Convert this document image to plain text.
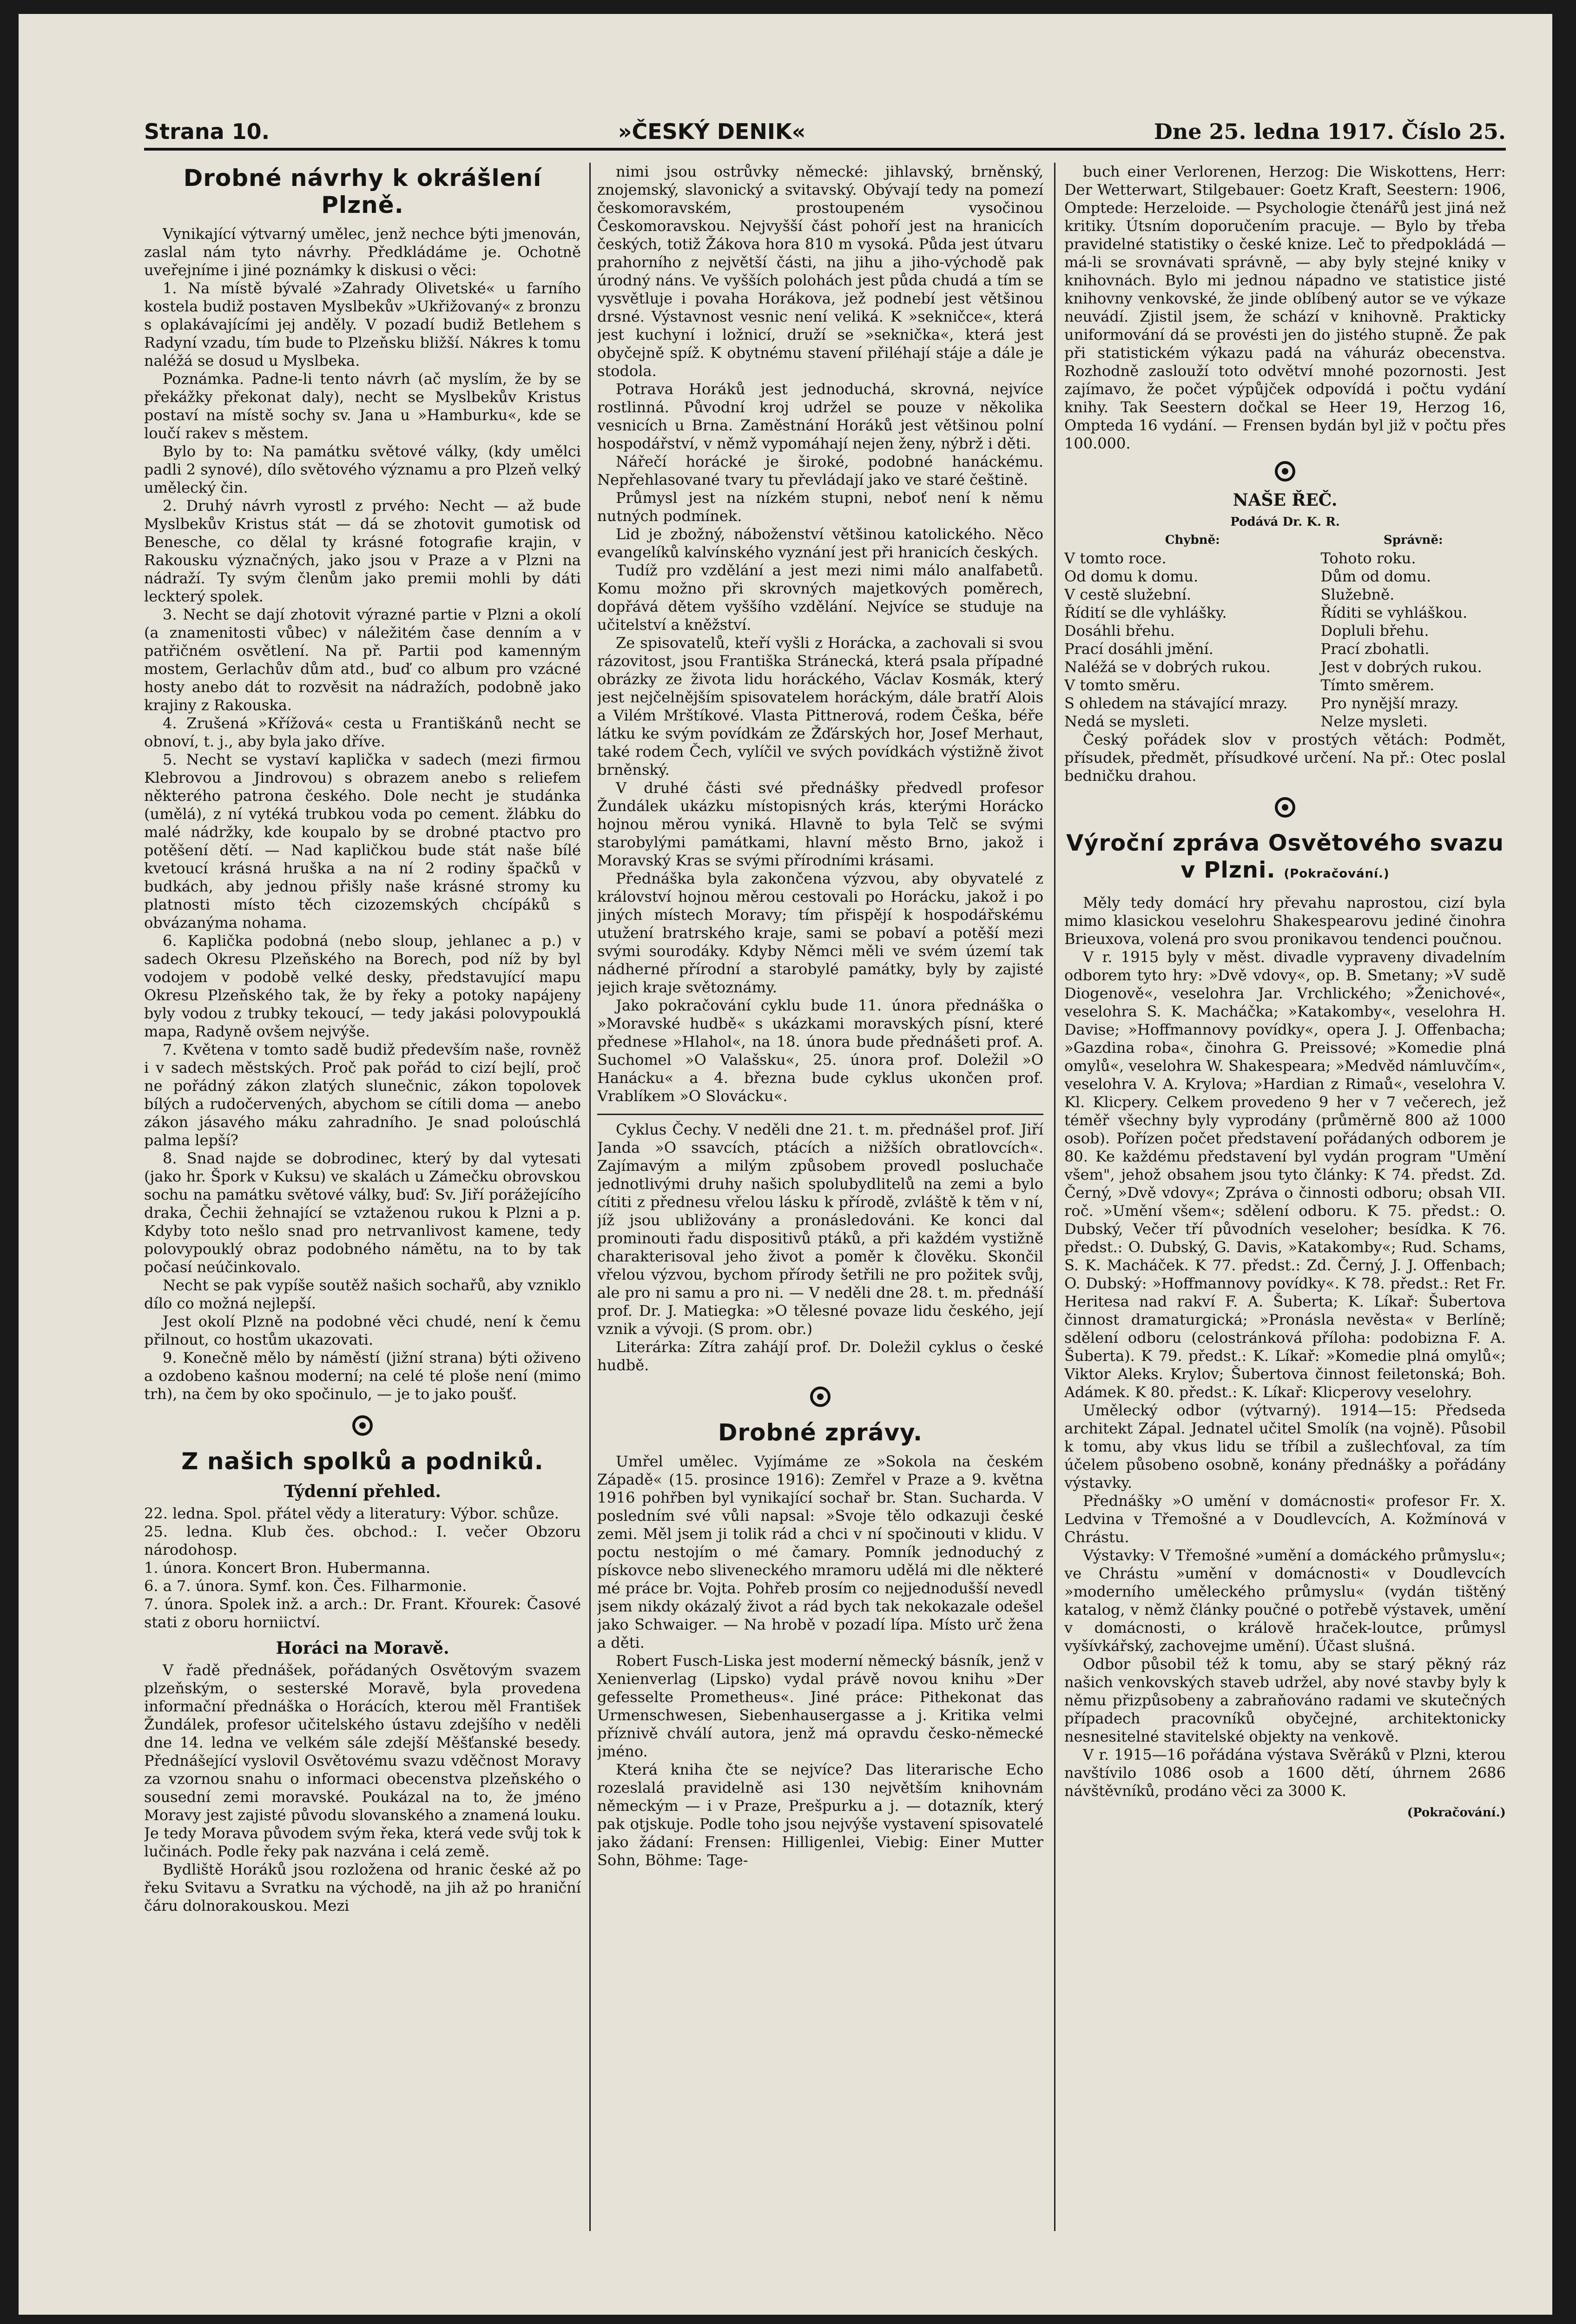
Strana 10.	»ČESKÝ DENIK«	Dne 25. ledna 1917. Číslo 25.
Drobné návrhy k okrášlení Plzně.

Vynikající výtvarný umělec, jenž nechce býti jmenován, zaslal nám tyto návrhy. Předkládáme je. Ochotně uveřejníme i jiné poznámky k diskusi o věci:

1. Na místě bývalé »Zahrady Olivetské« u farního kostela budiž postaven Myslbekův »Ukřižovaný« z bronzu s oplakávajícími jej anděly. V pozadí budiž Betlehem s Radyní vzadu, tím bude to Plzeňsku bližší. Nákres k tomu naléžá se dosud u Myslbeka.

Poznámka. Padne-li tento návrh (ač myslím, že by se překážky překonat daly), necht se Myslbekův Kristus postaví na místě sochy sv. Jana u »Hamburku«, kde se loučí rakev s městem.

Bylo by to: Na památku světové války, (kdy umělci padli 2 synové), dílo světového významu a pro Plzeň velký umělecký čin.

2. Druhý návrh vyrostl z prvého: Necht — až bude Myslbekův Kristus stát — dá se zhotovit gumotisk od Benesche, co dělal ty krásné fotografie krajin, v Rakousku význačných, jako jsou v Praze a v Plzni na nádraží. Ty svým členům jako premii mohli by dáti leckterý spolek.

3. Necht se dají zhotovit výrazné partie v Plzni a okolí (a znamenitosti vůbec) v náležitém čase denním a v patřičném osvětlení. Na př. Partii pod kamenným mostem, Gerlachův dům atd., buď co album pro vzácné hosty anebo dát to rozvěsit na nádražích, podobně jako krajiny z Rakouska.

4. Zrušená »Křížová« cesta u Františkánů necht se obnoví, t. j., aby byla jako dříve.

5. Necht se vystaví kaplička v sadech (mezi firmou Klebrovou a Jindrovou) s obrazem anebo s reliefem některého patrona českého. Dole necht je studánka (umělá), z ní vytéká trubkou voda po cement. žlábku do malé nádržky, kde koupalo by se drobné ptactvo pro potěšení dětí. — Nad kapličkou bude stát naše bílé kvetoucí krásná hruška a na ní 2 rodiny špačků v budkách, aby jednou přišly naše krásné stromy ku platnosti místo těch cizozemských chcípáků s obvázanýma nohama.

6. Kaplička podobná (nebo sloup, jehlanec a p.) v sadech Okresu Plzeňského na Borech, pod níž by byl vodojem v podobě velké desky, představující mapu Okresu Plzeňského tak, že by řeky a potoky napájeny byly vodou z trubky tekoucí, — tedy jakási polovypouklá mapa, Radyně ovšem nejvýše.

7. Květena v tomto sadě budiž především naše, rovněž i v sadech městských. Proč pak pořád to cizí bejlí, proč ne pořádný zákon zlatých slunečnic, zákon topolovek bílých a rudočervených, abychom se cítili doma — anebo zákon jásavého máku zahradního. Je snad poloúschlá palma lepší?

8. Snad najde se dobrodinec, který by dal vytesati (jako hr. Špork v Kuksu) ve skalách u Zámečku obrovskou sochu na památku světové války, buď: Sv. Jiří porážejícího draka, Čechii žehnající se vztaženou rukou k Plzni a p. Kdyby toto nešlo snad pro netrvanlivost kamene, tedy polovypouklý obraz podobného námětu, na to by tak počasí neúčinkovalo.

Necht se pak vypíše soutěž našich sochařů, aby vzniklo dílo co možná nejlepší.

Jest okolí Plzně na podobné věci chudé, není k čemu přilnout, co hostům ukazovati.

9. Konečně mělo by náměstí (jižní strana) býti oživeno a ozdobeno kašnou moderní; na celé té ploše není (mimo trh), na čem by oko spočinulo, — je to jako poušť.

Z našich spolků a podniků.
Týdenní přehled.

22. ledna. Spol. přátel vědy a literatury: Výbor. schůze.

25. ledna. Klub čes. obchod.: I. večer Obzoru národohosp.

1. února. Koncert Bron. Hubermanna.

6. a 7. února. Symf. kon. Čes. Filharmonie.

7. února. Spolek inž. a arch.: Dr. Frant. Křourek: Časové stati z oboru horniictví.

Horáci na Moravě.

V řadě přednášek, pořádaných Osvětovým svazem plzeňským, o sesterské Moravě, byla provedena informační přednáška o Horácích, kterou měl František Žundálek, profesor učitelského ústavu zdejšího v neděli dne 14. ledna ve velkém sále zdejší Měšťanské besedy. Přednášející vyslovil Osvětovému svazu vděčnost Moravy za vzornou snahu o informaci obecenstva plzeňského o sousední zemi moravské. Poukázal na to, že jméno Moravy jest zajisté původu slovanského a znamená louku. Je tedy Morava původem svým řeka, která vede svůj tok k lučinách. Podle řeky pak nazvána i celá země.

Bydliště Horáků jsou rozložena od hranic české až po řeku Svitavu a Svratku na východě, na jih až po hraniční čáru dolnorakouskou. Mezi

nimi jsou ostrůvky německé: jihlavský, brněnský, znojemský, slavonický a svitavský. Obývají tedy na pomezí českomoravském, prostoupeném vysočinou Českomoravskou. Nejvyšší část pohoří jest na hranicích českých, totiž Žákova hora 810 m vysoká. Půda jest útvaru prahorního z největší části, na jihu a jiho-východě pak úrodný náns. Ve vyšších polohách jest půda chudá a tím se vysvětluje i povaha Horákova, jež podnebí jest většinou drsné. Výstavnost vesnic není veliká. K »sekničce«, která jest kuchyní i ložnicí, druží se »seknička«, která jest obyčejně spíž. K obytnému stavení přiléhají stáje a dále je stodola.

Potrava Horáků jest jednoduchá, skrovná, nejvíce rostlinná. Původní kroj udržel se pouze v několika vesnicích u Brna. Zaměstnání Horáků jest většinou polní hospodářství, v němž vypomáhají nejen ženy, nýbrž i děti.

Nářečí horácké je široké, podobné hanáckému. Nepřehlasované tvary tu převládají jako ve staré češtině.

Průmysl jest na nízkém stupni, neboť není k němu nutných podmínek.

Lid je zbožný, náboženství většinou katolického. Něco evangelíků kalvínského vyznání jest při hranicích českých.

Tudíž pro vzdělání a jest mezi nimi málo analfabetů. Komu možno při skrovných majetkových poměrech, dopřává dětem vyššího vzdělání. Nejvíce se studuje na učitelství a kněžství.

Ze spisovatelů, kteří vyšli z Horácka, a zachovali si svou rázovitost, jsou Františka Stránecká, která psala případné obrázky ze života lidu horáckého, Václav Kosmák, který jest nejčelnějším spisovatelem horáckým, dále bratří Alois a Vilém Mrštíkové. Vlasta Pittnerová, rodem Češka, béře látku ke svým povídkám ze Žďárských hor, Josef Merhaut, také rodem Čech, vylíčil ve svých povídkách výstižně život brněnský.

V druhé části své přednášky předvedl profesor Žundálek ukázku místopisných krás, kterými Horácko hojnou měrou vyniká. Hlavně to byla Telč se svými starobylými památkami, hlavní město Brno, jakož i Moravský Kras se svými přírodními krásami.

Přednáška byla zakončena výzvou, aby obyvatelé z království hojnou měrou cestovali po Horácku, jakož i po jiných místech Moravy; tím přispějí k hospodářskému utužení bratrského kraje, sami se pobaví a potěší mezi svými sourodáky. Kdyby Němci měli ve svém území tak nádherné přírodní a starobylé památky, byly by zajisté jejich kraje světoznámy.

Jako pokračování cyklu bude 11. února přednáška o »Moravské hudbě« s ukázkami moravských písní, které přednese »Hlahol«, na 18. února bude přednášeti prof. A. Suchomel »O Valašsku«, 25. února prof. Doležil »O Hanácku« a 4. března bude cyklus ukončen prof. Vrablíkem »O Slovácku«.

Cyklus Čechy. V neděli dne 21. t. m. přednášel prof. Jiří Janda »O ssavcích, ptácích a nižších obratlovcích«. Zajímavým a milým způsobem provedl posluchače jednotlivými druhy našich spolubydlitelů na zemi a bylo cítiti z přednesu vřelou lásku k přírodě, zvláště k těm v ní, jíž jsou ubližovány a pronásledováni. Ke konci dal prominouti řadu dispositivů ptáků, a při každém vystižně charakterisoval jeho život a poměr k člověku. Skončil vřelou výzvou, bychom přírody šetřili ne pro požitek svůj, ale pro ni samu a pro ni. — V neděli dne 28. t. m. přednáší prof. Dr. J. Matiegka: »O tělesné povaze lidu českého, její vznik a vývoji. (S prom. obr.)

Literárka: Zítra zahájí prof. Dr. Doležil cyklus o české hudbě.

Drobné zprávy.

Umřel umělec. Vyjímáme ze »Sokola na českém Západě« (15. prosince 1916): Zemřel v Praze a 9. května 1916 pohřben byl vynikající sochař br. Stan. Sucharda. V posledním své vůli napsal: »Svoje tělo odkazuji české zemi. Měl jsem ji tolik rád a chci v ní spočinouti v klidu. V poctu nestojím o mé čamary. Pomník jednoduchý z pískovce nebo sliveneckého mramoru udělá mi dle některé mé práce br. Vojta. Pohřeb prosím co nejjednodušší nevedl jsem nikdy okázalý život a rád bych tak nekokazale odešel jako Schwaiger. — Na hrobě v pozadí lípa. Místo urč žena a děti.

Robert Fusch-Liska jest moderní německý básník, jenž v Xenienverlag (Lipsko) vydal právě novou knihu »Der gefesselte Prometheus«. Jiné práce: Pithekonat das Urmenschwesen, Siebenhausergasse a j. Kritika velmi příznivě chválí autora, jenž má opravdu česko-německé jméno.

Která kniha čte se nejvíce? Das literarische Echo rozeslalá pravidelně asi 130 největším knihovnám německým — i v Praze, Prešpurku a j. — dotazník, který pak otjskuje. Podle toho jsou nejvýše vystavení spisovatelé jako žádaní: Frensen: Hilligenlei, Viebig: Einer Mutter Sohn, Böhme: Tage-

buch einer Verlorenen, Herzog: Die Wiskottens, Herr: Der Wetterwart, Stilgebauer: Goetz Kraft, Seestern: 1906, Omptede: Herzeloide. — Psychologie čtenářů jest jiná než kritiky. Útsním doporučením pracuje. — Bylo by třeba pravidelné statistiky o české knize. Leč to předpokládá — má-li se srovnávati správně, — aby byly stejné kniky v knihovnách. Bylo mi jednou nápadno ve statistice jisté knihovny venkovské, že jinde oblíbený autor se ve výkaze neuvádí. Zjistil jsem, že schází v knihovně. Prakticky uniformování dá se provésti jen do jistého stupně. Že pak při statistickém výkazu padá na váhuráz obecenstva. Rozhodně zaslouží toto odvětví mnohé pozornosti. Jest zajímavo, že počet výpůjček odpovídá i počtu vydání knihy. Tak Seestern dočkal se Heer 19, Herzog 16, Ompteda 16 vydání. — Frensen bydán byl již v počtu přes 100.000.

NAŠE ŘEČ.
Podává Dr. K. R.
Chybně:	Správně:
V tomto roce.	Tohoto roku.
Od domu k domu.	Dům od domu.
V cestě služební.	Služebně.
Řídití se dle vyhlášky.	Říditi se vyhláškou.
Dosáhli břehu.	Dopluli břehu.
Prací dosáhli jmění.	Prací zbohatli.
Naléžá se v dobrých rukou.	Jest v dobrých rukou.
V tomto směru.	Tímto směrem.
S ohledem na stávající mrazy.	Pro nynější mrazy.
Nedá se mysleti.	Nelze mysleti.

Český pořádek slov v prostých větách: Podmět, přísudek, předmět, přísudkové určení. Na př.: Otec poslal bedničku drahou.

Výroční zpráva Osvětového svazu v Plzni. (Pokračování.)

Měly tedy domácí hry převahu naprostou, cizí byla mimo klasickou veselohru Shakespearovu jediné činohra Brieuxova, volená pro svou pronikavou tendenci poučnou.

V r. 1915 byly v měst. divadle vypraveny divadelním odborem tyto hry: »Dvě vdovy«, op. B. Smetany; »V sudě Diogenově«, veselohra Jar. Vrchlického; »Ženichové«, veselohra S. K. Macháčka; »Katakomby«, veselohra H. Davise; »Hoffmannovy povídky«, opera J. J. Offenbacha; »Gazdina roba«, činohra G. Preissové; »Komedie plná omylů«, veselohra W. Shakespeara; »Medvěd námluvčím«, veselohra V. A. Krylova; »Hardian z Rimaů«, veselohra V. Kl. Klicpery. Celkem provedeno 9 her v 7 večerech, jež téměř všechny byly vyprodány (průměrně 800 až 1000 osob). Pořízen počet představení pořádaných odborem je 80. Ke každému představení byl vydán program "Umění všem", jehož obsahem jsou tyto články: K 74. předst. Zd. Černý, »Dvě vdovy«; Zpráva o činnosti odboru; obsah VII. roč. »Umění všem«; sdělení odboru. K 75. předst.: O. Dubský, Večer tří původních veseloher; besídka. K 76. předst.: O. Dubský, G. Davis, »Katakomby«; Rud. Schams, S. K. Macháček. K 77. předst.: Zd. Černý, J. J. Offenbach; O. Dubský: »Hoffmannovy povídky«. K 78. předst.: Ret Fr. Heritesa nad rakví F. A. Šuberta; K. Líkař: Šubertova činnost dramaturgická; »Pronásla nevěsta« v Berlíně; sdělení odboru (celostránková příloha: podobizna F. A. Šuberta). K 79. předst.: K. Líkař: »Komedie plná omylů«; Viktor Aleks. Krylov; Šubertova činnost feiletonská; Boh. Adámek. K 80. předst.: K. Líkař: Klicperovy veselohry.

Umělecký odbor (výtvarný). 1914—15: Předseda architekt Zápal. Jednatel učitel Smolík (na vojně). Působil k tomu, aby vkus lidu se tříbil a zušlechťoval, za tím účelem působeno osobně, konány přednášky a pořádány výstavky.

Přednášky »O umění v domácnosti« profesor Fr. X. Ledvina v Třemošné a v Doudlevcích, A. Kožmínová v Chrástu.

Výstavky: V Třemošné »umění a domáckého průmyslu«; ve Chrástu »umění v domácnosti« v Doudlevcích »moderního uměleckého průmyslu« (vydán tištěný katalog, v němž články poučné o potřebě výstavek, umění v domácnosti, o králově hraček-loutce, průmysl vyšívkářský, zachovejme umění). Účast slušná.

Odbor působil též k tomu, aby se starý pěkný ráz našich venkovských staveb udržel, aby nové stavby byly k němu přizpůsobeny a zabraňováno radami ve skutečných případech pracovníků obyčejné, architektonicky nesnesitelné stavitelské objekty na venkově.

V r. 1915—16 pořádána výstava Svěráků v Plzni, kterou navštívilo 1086 osob a 1600 dětí, úhrnem 2686 návštěvníků, prodáno věci za 3000 K.

(Pokračování.)
